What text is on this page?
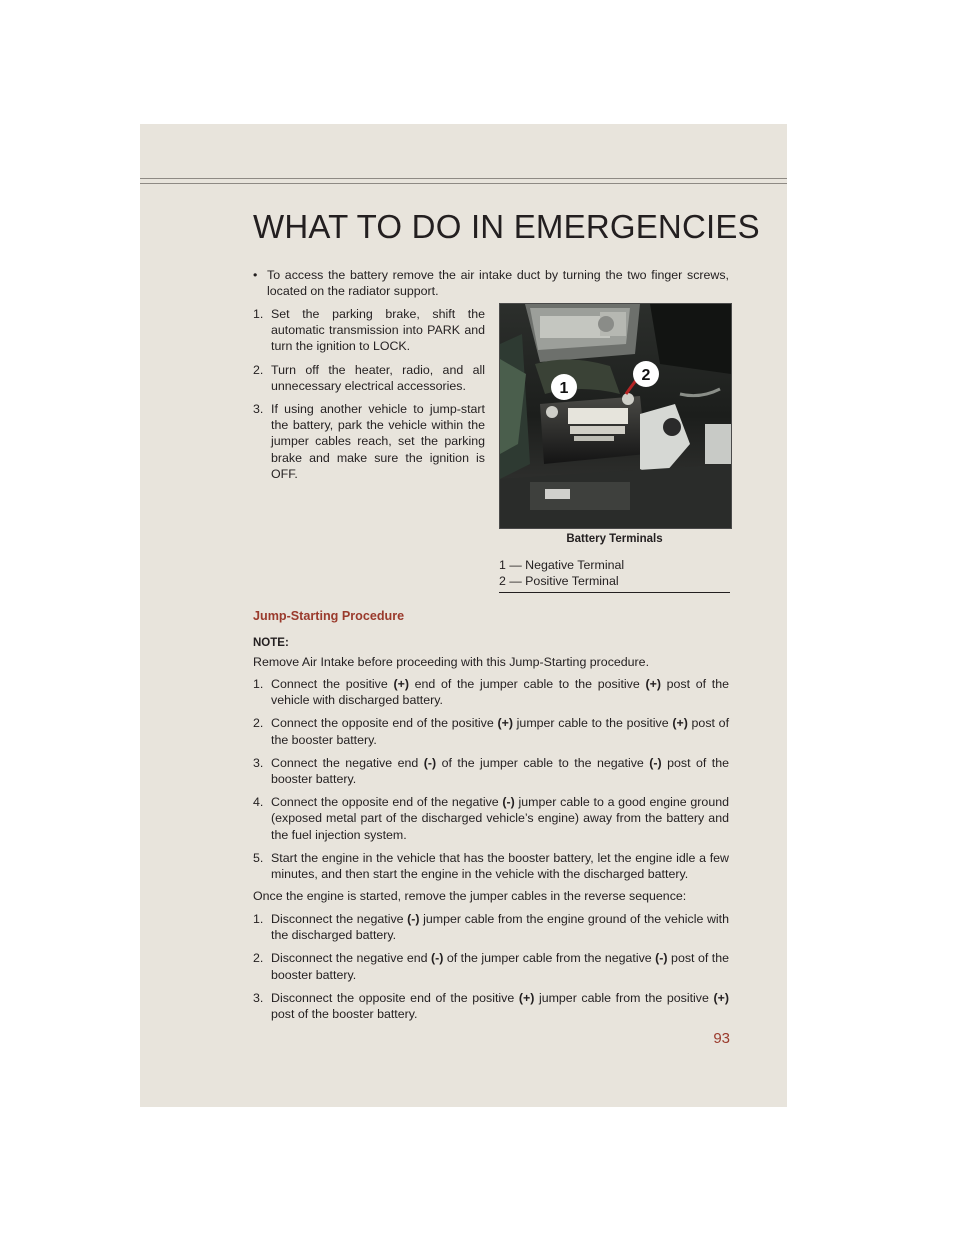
WHAT TO DO IN EMERGENCIES
• To access the battery remove the air intake duct by turning the two finger screws, located on the radiator support.
1. Set the parking brake, shift the automatic transmission into PARK and turn the ignition to LOCK.
2. Turn off the heater, radio, and all unnecessary electrical accessories.
3. If using another vehicle to jump-start the battery, park the vehicle within the jumper cables reach, set the parking brake and make sure the ignition is OFF.
1
2
Battery Terminals
1 — Negative Terminal
2 — Positive Terminal
Jump-Starting Procedure
NOTE:
Remove Air Intake before proceeding with this Jump-Starting procedure.
1. Connect the positive (+) end of the jumper cable to the positive (+) post of the vehicle with discharged battery.
2. Connect the opposite end of the positive (+) jumper cable to the positive (+) post of the booster battery.
3. Connect the negative end (-) of the jumper cable to the negative (-) post of the booster battery.
4. Connect the opposite end of the negative (-) jumper cable to a good engine ground (exposed metal part of the discharged vehicle’s engine) away from the battery and the fuel injection system.
5. Start the engine in the vehicle that has the booster battery, let the engine idle a few minutes, and then start the engine in the vehicle with the discharged battery.
Once the engine is started, remove the jumper cables in the reverse sequence:
1. Disconnect the negative (-) jumper cable from the engine ground of the vehicle with the discharged battery.
2. Disconnect the negative end (-) of the jumper cable from the negative (-) post of the booster battery.
3. Disconnect the opposite end of the positive (+) jumper cable from the positive (+) post of the booster battery.
93
